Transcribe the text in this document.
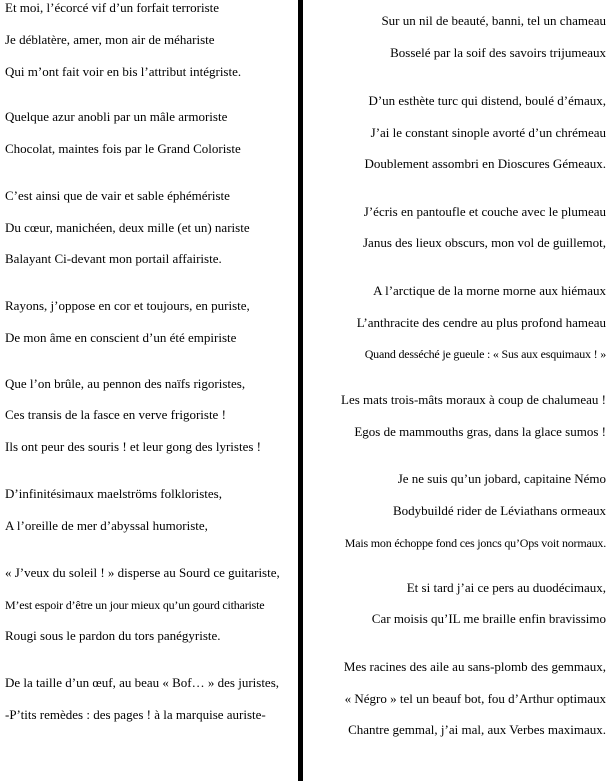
Et moi, l’écorcé vif d’un forfait terroriste
Je déblatère, amer, mon air de méhariste
Qui m’ont fait voir en bis l’attribut intégriste.
Quelque azur anobli par un mâle armoriste
Chocolat, maintes fois par le Grand Coloriste
C’est ainsi que de vair et sable éphémériste
Du cœur, manichéen, deux mille (et un) nariste
Balayant Ci-devant mon portail affairiste.
Rayons, j’oppose en cor et toujours, en puriste,
De mon âme en conscient d’un été empiriste
Que l’on brûle, au pennon des naïfs rigoristes,
Ces transis de la fasce en verve frigoriste !
Ils ont peur des souris ! et leur gong des lyristes !
D’infinitésimaux maelströms folkloristes,
A l’oreille de mer d’abyssal humoriste,
« J’veux du soleil ! » disperse au Sourd ce guitariste,
M’est espoir d’être un jour mieux qu’un gourd cithariste
Rougi sous le pardon du tors panégyriste.
De la taille d’un œuf, au beau « Bof… » des juristes,
-P’tits remèdes : des pages ! à la marquise auriste-
Sur un nil de beauté, banni, tel un chameau
Bosselé par la soif des savoirs trijumeaux
D’un esthète turc qui distend, boulé d’émaux,
J’ai le constant sinople avorté d’un chrémeau
Doublement assombri en Dioscures Gémeaux.
J’écris en pantoufle et couche avec le plumeau
Janus des lieux obscurs, mon vol de guillemot,
A l’arctique de la morne morne aux hiémaux
L’anthracite des cendre au plus profond hameau
Quand desséché je gueule : « Sus aux esquimaux ! »
Les mats trois-mâts moraux à coup de chalumeau !
Egos de mammouths gras, dans la glace sumos !
Je ne suis qu’un jobard, capitaine Némo
Bodybuildé rider de Léviathans ormeaux
Mais mon échoppe fond ces joncs qu’Ops voit normaux.
Et si tard j’ai ce pers au duodécimaux,
Car moisis qu’IL me braille enfin bravissimo
Mes racines des aile au sans-plomb des gemmaux,
« Négro » tel un beauf bot, fou d’Arthur optimaux
Chantre gemmal, j’ai mal, aux Verbes maximaux.
